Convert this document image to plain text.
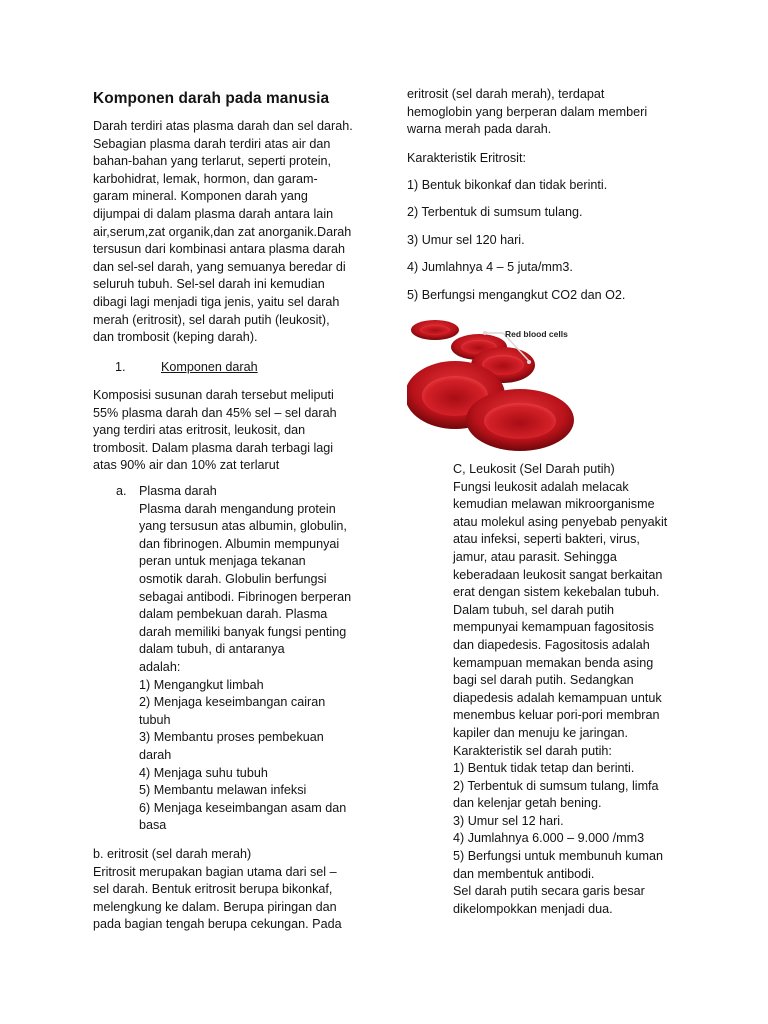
Komponen darah pada manusia
Darah terdiri atas plasma darah dan sel darah.
Sebagian plasma darah terdiri atas air dan
bahan-bahan yang terlarut, seperti protein,
karbohidrat, lemak, hormon, dan garam-
garam mineral. Komponen darah yang
dijumpai di dalam plasma darah antara lain
air,serum,zat organik,dan zat anorganik.Darah
tersusun dari kombinasi antara plasma darah
dan sel-sel darah, yang semuanya beredar di
seluruh tubuh. Sel-sel darah ini kemudian
dibagi lagi menjadi tiga jenis, yaitu sel darah
merah (eritrosit), sel darah putih (leukosit),
dan trombosit (keping darah).
1.	Komponen darah
Komposisi susunan darah tersebut meliputi
55% plasma darah dan 45% sel – sel darah
yang terdiri atas eritrosit, leukosit, dan
trombosit. Dalam plasma darah terbagi lagi
atas 90% air dan 10% zat terlarut
a. Plasma darah
Plasma darah mengandung protein
yang tersusun atas albumin, globulin,
dan fibrinogen. Albumin mempunyai
peran untuk menjaga tekanan
osmotik darah. Globulin berfungsi
sebagai antibodi. Fibrinogen berperan
dalam pembekuan darah. Plasma
darah memiliki banyak fungsi penting
dalam tubuh, di antaranya
adalah:
1) Mengangkut limbah
2) Menjaga keseimbangan cairan
tubuh
3) Membantu proses pembekuan
darah
4) Menjaga suhu tubuh
5) Membantu melawan infeksi
6) Menjaga keseimbangan asam dan
basa
b. eritrosit (sel darah merah)
Eritrosit merupakan bagian utama dari sel –
sel darah. Bentuk eritrosit berupa bikonkaf,
melengkung ke dalam. Berupa piringan dan
pada bagian tengah berupa cekungan. Pada
eritrosit (sel darah merah), terdapat
hemoglobin yang berperan dalam memberi
warna merah pada darah.
Karakteristik Eritrosit:
1) Bentuk bikonkaf dan tidak berinti.
2) Terbentuk di sumsum tulang.
3) Umur sel 120 hari.
4) Jumlahnya 4 – 5 juta/mm3.
5) Berfungsi mengangkut CO2 dan O2.
Red blood cells
C, Leukosit (Sel Darah putih)
Fungsi leukosit adalah melacak
kemudian melawan mikroorganisme
atau molekul asing penyebab penyakit
atau infeksi, seperti bakteri, virus,
jamur, atau parasit. Sehingga
keberadaan leukosit sangat berkaitan
erat dengan sistem kekebalan tubuh.
Dalam tubuh, sel darah putih
mempunyai kemampuan fagositosis
dan diapedesis. Fagositosis adalah
kemampuan memakan benda asing
bagi sel darah putih. Sedangkan
diapedesis adalah kemampuan untuk
menembus keluar pori-pori membran
kapiler dan menuju ke jaringan.
Karakteristik sel darah putih:
1) Bentuk tidak tetap dan berinti.
2) Terbentuk di sumsum tulang, limfa
dan kelenjar getah bening.
3) Umur sel 12 hari.
4) Jumlahnya 6.000 – 9.000 /mm3
5) Berfungsi untuk membunuh kuman
dan membentuk antibodi.
Sel darah putih secara garis besar
dikelompokkan menjadi dua.
